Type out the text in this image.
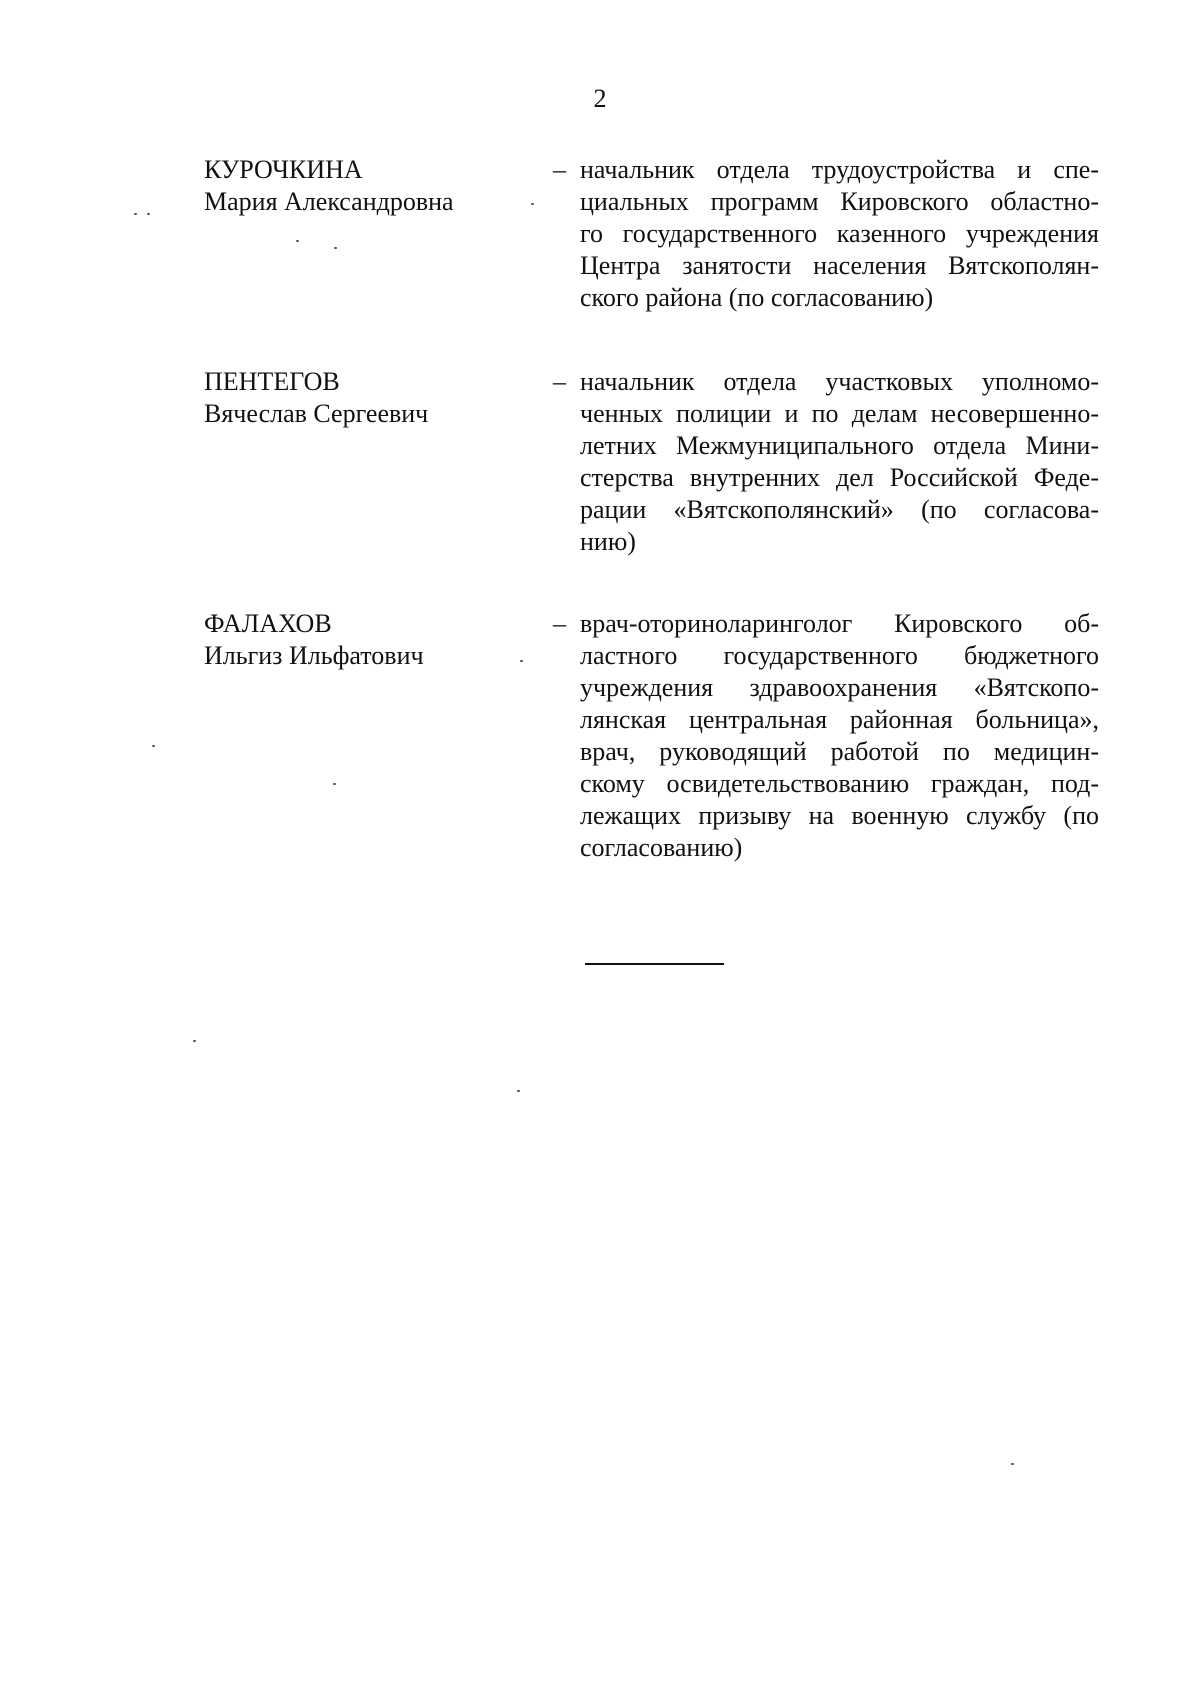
2
КУРОЧКИНА
Мария Александровна
– начальник отдела трудоустройства и спе-
циальных программ Кировского областно-
го государственного казенного учреждения
Центра занятости населения Вятскополян-
ского района (по согласованию)
ПЕНТЕГОВ
Вячеслав Сергеевич
– начальник отдела участковых уполномо-
ченных полиции и по делам несовершенно-
летних Межмуниципального отдела Мини-
стерства внутренних дел Российской Феде-
рации «Вятскополянский» (по согласова-
нию)
ФАЛАХОВ
Ильгиз Ильфатович
– врач-оториноларинголог Кировского об-
ластного государственного бюджетного
учреждения здравоохранения «Вятскопо-
лянская центральная районная больница»,
врач, руководящий работой по медицин-
скому освидетельствованию граждан, под-
лежащих призыву на военную службу (по
согласованию)
